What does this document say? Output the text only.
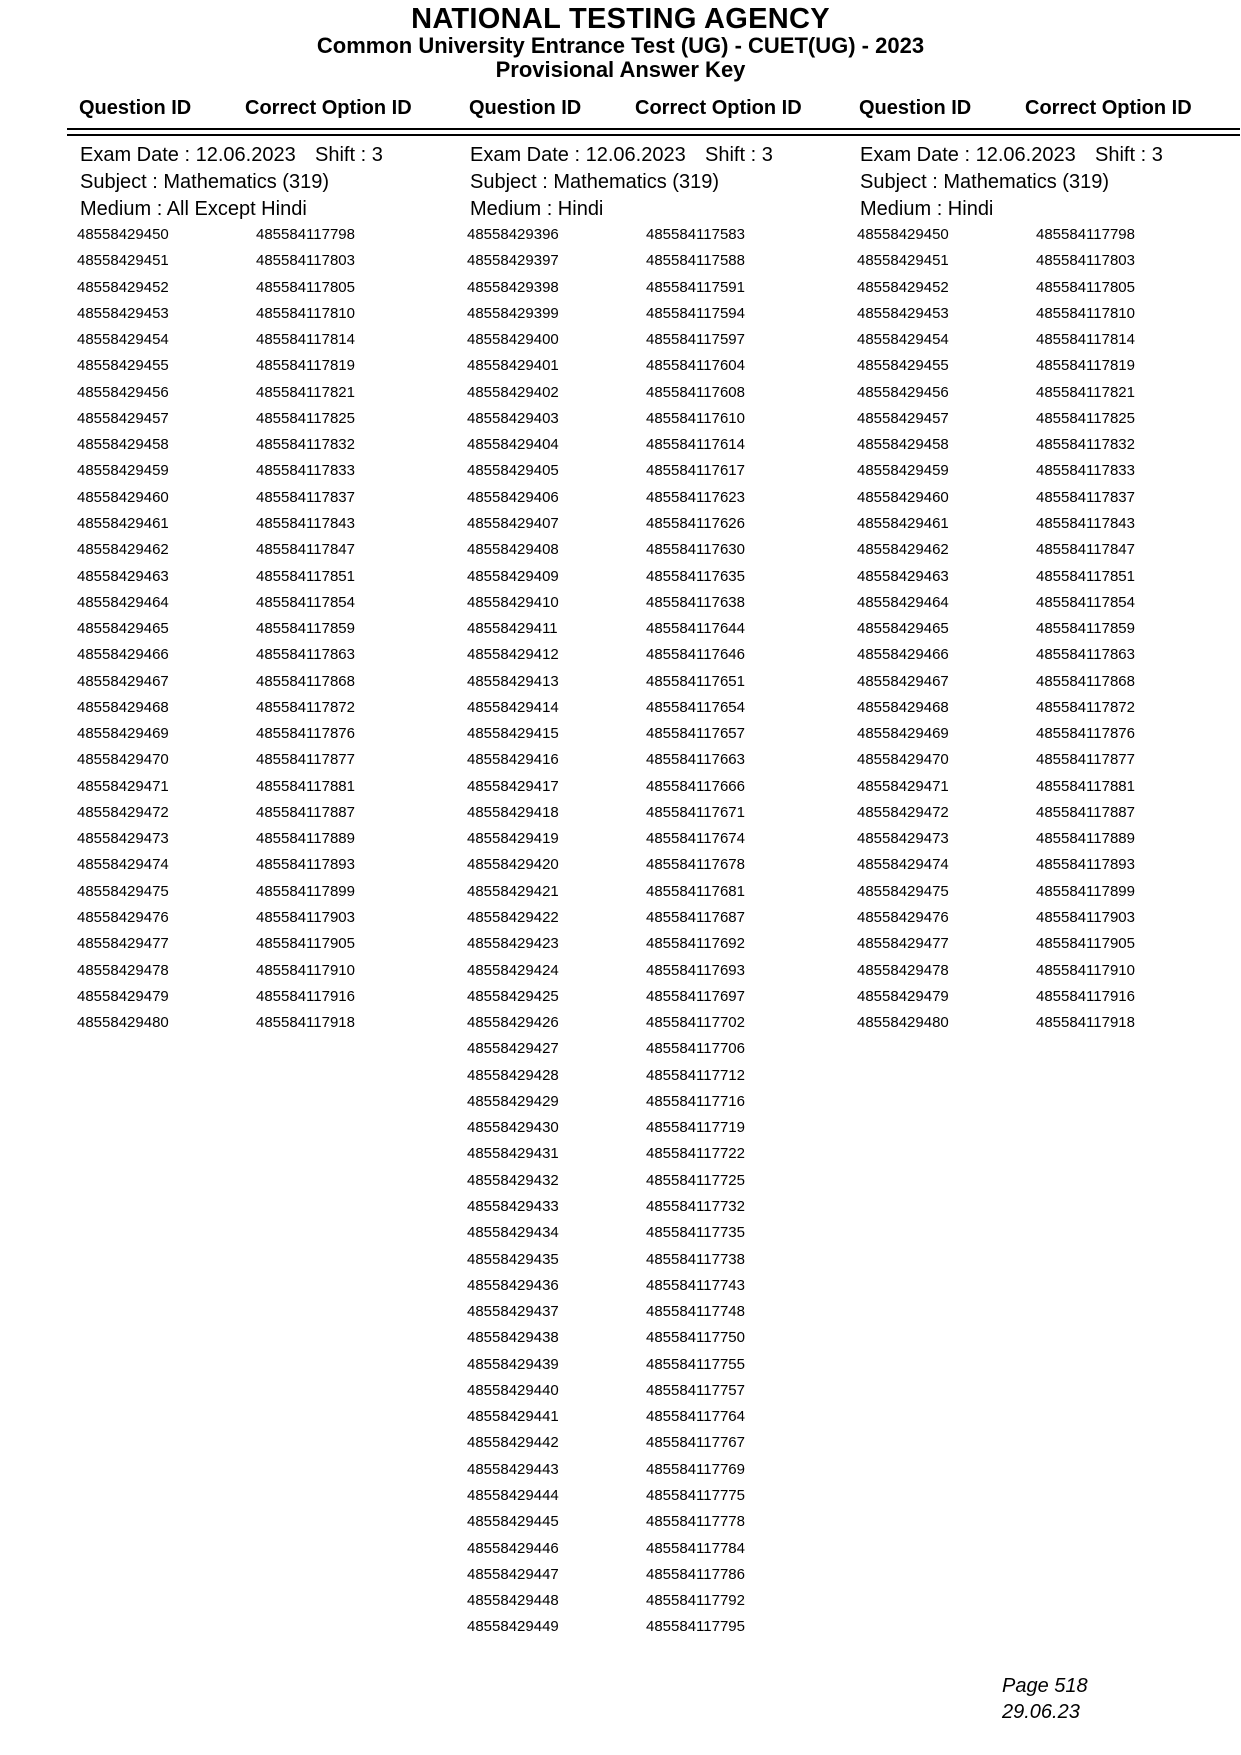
NATIONAL TESTING AGENCY
Common University Entrance Test (UG) - CUET(UG) - 2023
Provisional Answer Key
Question ID	Correct Option ID	Question ID	Correct Option ID	Question ID	Correct Option ID
Exam Date : 12.06.2023 Shift : 3
Subject : Mathematics (319)
Medium : All Except Hindi
48558429450	485584117798
48558429451	485584117803
48558429452	485584117805
48558429453	485584117810
48558429454	485584117814
48558429455	485584117819
48558429456	485584117821
48558429457	485584117825
48558429458	485584117832
48558429459	485584117833
48558429460	485584117837
48558429461	485584117843
48558429462	485584117847
48558429463	485584117851
48558429464	485584117854
48558429465	485584117859
48558429466	485584117863
48558429467	485584117868
48558429468	485584117872
48558429469	485584117876
48558429470	485584117877
48558429471	485584117881
48558429472	485584117887
48558429473	485584117889
48558429474	485584117893
48558429475	485584117899
48558429476	485584117903
48558429477	485584117905
48558429478	485584117910
48558429479	485584117916
48558429480	485584117918
Exam Date : 12.06.2023 Shift : 3
Subject : Mathematics (319)
Medium : Hindi
48558429396	485584117583
48558429397	485584117588
48558429398	485584117591
48558429399	485584117594
48558429400	485584117597
48558429401	485584117604
48558429402	485584117608
48558429403	485584117610
48558429404	485584117614
48558429405	485584117617
48558429406	485584117623
48558429407	485584117626
48558429408	485584117630
48558429409	485584117635
48558429410	485584117638
48558429411	485584117644
48558429412	485584117646
48558429413	485584117651
48558429414	485584117654
48558429415	485584117657
48558429416	485584117663
48558429417	485584117666
48558429418	485584117671
48558429419	485584117674
48558429420	485584117678
48558429421	485584117681
48558429422	485584117687
48558429423	485584117692
48558429424	485584117693
48558429425	485584117697
48558429426	485584117702
48558429427	485584117706
48558429428	485584117712
48558429429	485584117716
48558429430	485584117719
48558429431	485584117722
48558429432	485584117725
48558429433	485584117732
48558429434	485584117735
48558429435	485584117738
48558429436	485584117743
48558429437	485584117748
48558429438	485584117750
48558429439	485584117755
48558429440	485584117757
48558429441	485584117764
48558429442	485584117767
48558429443	485584117769
48558429444	485584117775
48558429445	485584117778
48558429446	485584117784
48558429447	485584117786
48558429448	485584117792
48558429449	485584117795
Exam Date : 12.06.2023 Shift : 3
Subject : Mathematics (319)
Medium : Hindi
48558429450	485584117798
48558429451	485584117803
48558429452	485584117805
48558429453	485584117810
48558429454	485584117814
48558429455	485584117819
48558429456	485584117821
48558429457	485584117825
48558429458	485584117832
48558429459	485584117833
48558429460	485584117837
48558429461	485584117843
48558429462	485584117847
48558429463	485584117851
48558429464	485584117854
48558429465	485584117859
48558429466	485584117863
48558429467	485584117868
48558429468	485584117872
48558429469	485584117876
48558429470	485584117877
48558429471	485584117881
48558429472	485584117887
48558429473	485584117889
48558429474	485584117893
48558429475	485584117899
48558429476	485584117903
48558429477	485584117905
48558429478	485584117910
48558429479	485584117916
48558429480	485584117918
Page 518
29.06.23
